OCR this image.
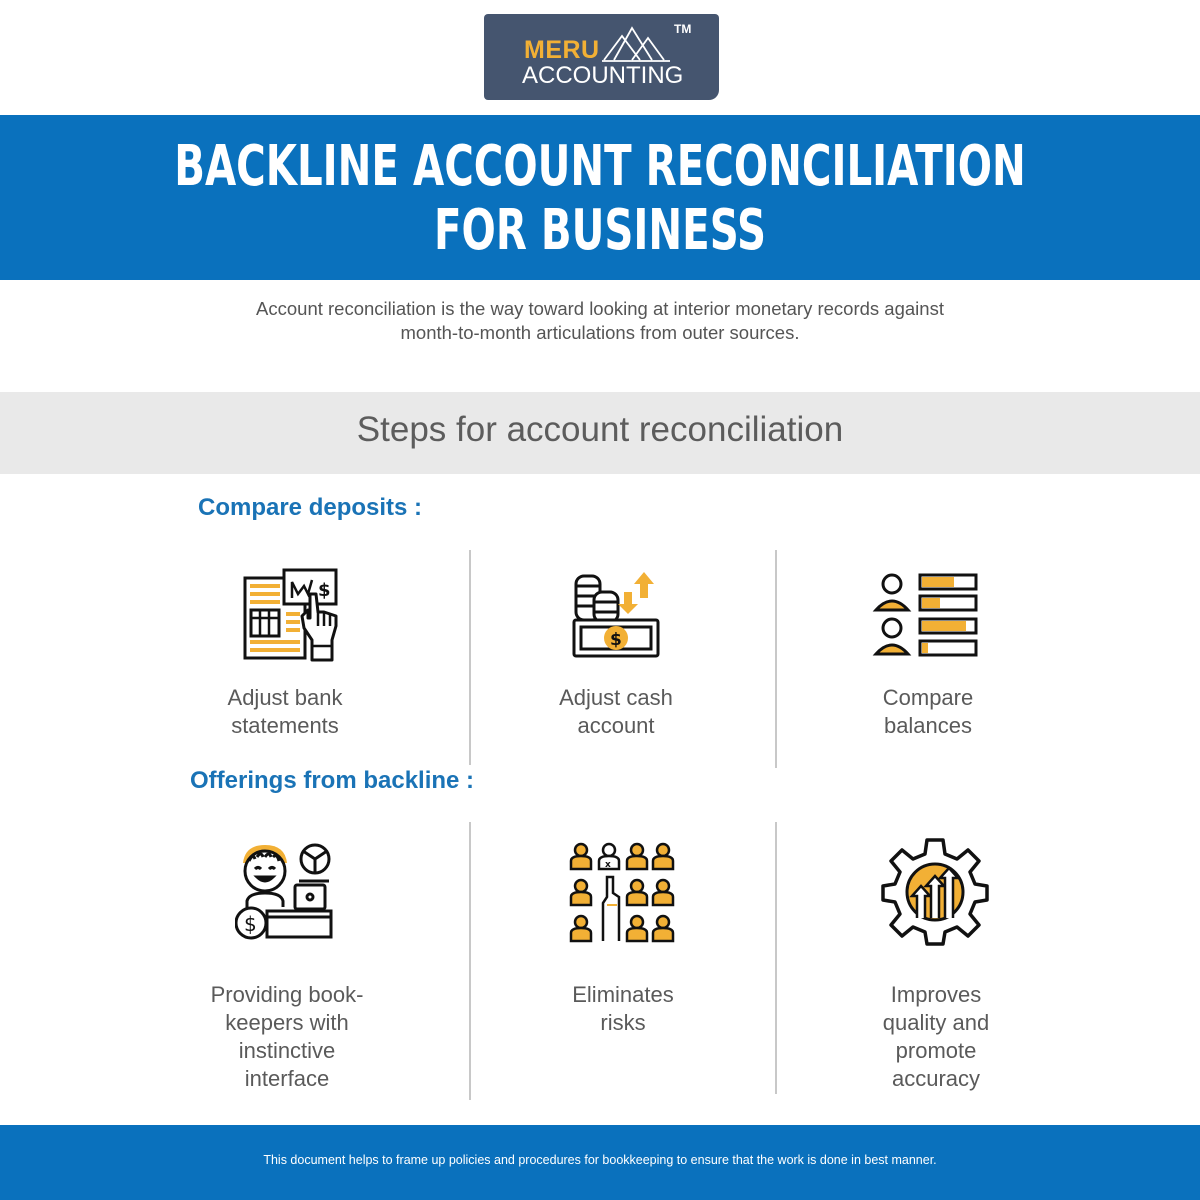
MERU
TM
ACCOUNTING
BACKLINE ACCOUNT RECONCILIATION
FOR BUSINESS
Account reconciliation is the way toward looking at interior monetary records against
month-to-month articulations from outer sources.
Steps for account reconciliation
Compare deposits :
$
Adjust bank
statements
$
Adjust cash
account
Compare
balances
Offerings from backline :
$
Providing book-
keepers with
instinctive
interface
x
Eliminates
risks
Improves
quality and
promote
accuracy
This document helps to frame up policies and procedures for bookkeeping to ensure that the work is done in best manner.
